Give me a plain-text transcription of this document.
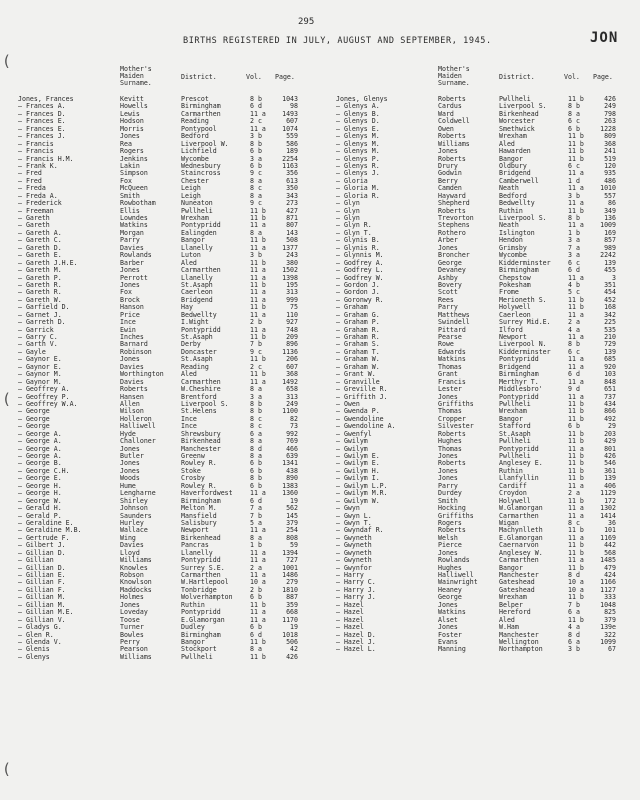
295
BIRTHS REGISTERED IN JULY, AUGUST AND SEPTEMBER, 1945.	JON
(
(
(
Mother's
Maiden
Surname.
District.	Vol. Page.
Jones, Frances	Kevitt	Prescot	8 b	1043
— Frances A.	Howells	Birmingham	6 d	98
— Frances D.	Lewis	Carmarthen	11 a	1493
— Frances E.	Hodson	Reading	2 c	607
— Frances E.	Morris	Pontypool	11 a	1074
— Frances J.	Jones	Bedford	3 b	559
— Francis	Rea	Liverpool W.	8 b	586
— Francis	Rogers	Lichfield	6 b	189
— Francis H.M.	Jenkins	Wycombe	3 a	2254
— Frank K.	Lakin	Wednesbury	6 b	1163
— Fred	Simpson	Staincross	9 c	356
— Fred	Fox	Chester	8 a	613
— Freda	McQueen	Leigh	8 c	350
— Freda A.	Smith	Leigh	8 a	343
— Frederick	Rowbotham	Nuneaton	9 c	273
— Freeman	Ellis	Pwllheli	11 b	427
— Gareth	Lowndes	Wrexham	11 b	871
— Gareth	Watkins	Pontypridd	11 a	807
— Gareth A.	Morgan	Ealingden	8 a	143
— Gareth C.	Parry	Bangor	11 b	508
— Gareth D.	Davies	Llanelly	11 a	1377
— Gareth E.	Rowlands	Luton	3 b	243
— Gareth J.H.E.	Barber	Aled	11 b	380
— Gareth M.	Jones	Carmarthen	11 a	1502
— Gareth P.	Perrott	Llanelly	11 a	1398
— Gareth R.	Jones	St.Asaph	11 b	195
— Gareth R.	Fox	Caerleon	11 a	313
— Gareth W.	Brock	Bridgend	11 a	999
— Garfield D.	Hanson	Hay	11 b	75
— Garnet J.	Price	Bedwellty	11 a	110
— Garreth D.	Ince	I.Wight	2 b	927
— Garrick	Ewin	Pontypridd	11 a	748
— Garry C.	Inches	St.Asaph	11 b	209
— Garth V.	Barnard	Derby	7 b	896
— Gayle	Robinson	Doncaster	9 c	1136
— Gaynor E.	Jones	St.Asaph	11 b	206
— Gaynor E.	Davies	Reading	2 c	607
— Gaynor M.	Worthington	Aled	11 b	368
— Gaynor M.	Davies	Carmarthen	11 a	1492
— Geoffrey A.	Roberts	W.Cheshire	8 a	658
— Geoffrey P.	Hansen	Brentford	3 a	313
— Geoffrey W.A.	Allen	Liverpool S.	8 b	249
— George	Wilson	St.Helens	8 b	1100
— George	Holleron	Ince	8 c	82
— George	Halliwell	Ince	8 c	73
— George A.	Hyde	Shrewsbury	6 a	992
— George A.	Challoner	Birkenhead	8 a	769
— George A.	Jones	Manchester	8 d	466
— George A.	Butler	Greenw	8 a	639
— George B.	Jones	Rowley R.	6 b	1341
— George C.H.	Jones	Stoke	6 b	438
— George E.	Woods	Crosby	8 b	890
— George H.	Hume	Rowley R.	6 b	1383
— George H.	Lengharne	Haverfordwest	11 a	1360
— George W.	Shirley	Birmingham	6 d	19
— Gerald H.	Johnson	Melton M.	7 a	562
— Gerald P.	Saunders	Mansfield	7 b	145
— Geraldine E.	Hurley	Salisbury	5 a	379
— Geraldine M.B.	Wallace	Newport	11 a	254
— Gertrude F.	Wing	Birkenhead	8 a	808
— Gilbert J.	Davies	Pancras	1 b	59
— Gillian D.	Lloyd	Llanelly	11 a	1394
— Gillian	Williams	Pontypridd	11 a	727
— Gillian D.	Knowles	Surrey S.E.	2 a	1001
— Gillian E.	Robson	Carmarthen	11 a	1486
— Gillian F.	Knowlson	W.Hartlepool	10 a	279
— Gillian F.	Maddocks	Tonbridge	2 b	1810
— Gillian M.	Holmes	Wolverhampton	6 b	887
— Gillian M.	Jones	Ruthin	11 b	359
— Gillian M.E.	Loveday	Pontypridd	11 a	668
— Gillian V.	Toose	E.Glamorgan	11 a	1170
— Gladys G.	Turner	Dudley	6 b	19
— Glen R.	Bowles	Birmingham	6 d	1018
— Glenda V.	Perry	Bangor	11 b	506
— Glenis	Pearson	Stockport	8 a	42
— Glenys	Williams	Pwllheli	11 b	426
Mother's
Maiden
Surname.
District.	Vol. Page.
Jones, Glenys	Roberts	Pwllheli	11 b	426
— Glenys A.	Cardus	Liverpool S.	8 b	249
— Glenys B.	Ward	Birkenhead	8 a	798
— Glenys D.	Coldwell	Worcester	6 c	263
— Glenys E.	Owen	Smethwick	6 b	1228
— Glenys M.	Roberts	Wrexham	11 b	809
— Glenys M.	Williams	Aled	11 b	368
— Glenys M.	Jones	Hawarden	11 b	241
— Glenys P.	Roberts	Bangor	11 b	519
— Glenys R.	Drury	Oldbury	6 c	120
— Glenys J.	Godwin	Bridgend	11 a	935
— Gloria	Berry	Camberwell	1 d	486
— Gloria M.	Camden	Neath	11 a	1010
— Gloria R.	Hayward	Bedford	3 b	557
— Glyn	Shepherd	Bedwellty	11 a	86
— Glyn	Roberts	Ruthin	11 b	349
— Glyn	Trevorton	Liverpool S.	8 b	136
— Glyn R.	Stephens	Neath	11 a	1009
— Glyn T.	Rothero	Islington	1 b	169
— Glynis B.	Arber	Hendon	3 a	857
— Glynis R.	Jones	Grimsby	7 a	989
— Glynnis M.	Broncher	Wycombe	3 a	2242
— Godfrey A.	George	Kidderminster	6 c	139
— Godfrey L.	Devaney	Birmingham	6 d	455
— Godfrey W.	Ashby	Chepstow	11 a	3
— Gordon J.	Bovery	Pokesham	4 b	351
— Gordon J.	Scott	Frome	5 c	454
— Goronwy R.	Rees	Merioneth S.	11 b	452
— Graham	Parry	Holywell	11 b	168
— Graham G.	Matthews	Caerleon	11 a	342
— Graham P.	Swindell	Surrey Mid.E.	2 a	225
— Graham R.	Pittard	Ilford	4 a	535
— Graham R.	Pearse	Newport	11 a	210
— Graham S.	Rowe	Liverpool N.	8 b	729
— Graham T.	Edwards	Kidderminster	6 c	139
— Graham W.	Watkins	Pontypridd	11 a	685
— Graham W.	Thomas	Bridgend	11 a	920
— Grant W.	Grant	Birmingham	6 d	103
— Granville	Francis	Merthyr T.	11 a	848
— Greville R.	Lester	Middlesbro'	9 d	651
— Griffith J.	Jones	Pontypridd	11 a	737
— Owen	Griffiths	Pwllheli	11 b	434
— Gwenda P.	Thomas	Wrexham	11 b	866
— Gwendoline	Cropper	Bangor	11 b	492
— Gwendoline A.	Silvester	Stafford	6 b	29
— Gwenfyl	Roberts	St.Asaph	11 b	203
— Gwilym	Hughes	Pwllheli	11 b	429
— Gwilym	Thomas	Pontypridd	11 a	801
— Gwilym E.	Jones	Pwllheli	11 b	426
— Gwilym E.	Roberts	Anglesey E.	11 b	546
— Gwilym H.	Jones	Ruthin	11 b	361
— Gwilym I.	Jones	Llanfyllin	11 b	139
— Gwilym L.P.	Parry	Cardiff	11 a	406
— Gwilym M.R.	Durdey	Croydon	2 a	1129
— Gwilym W.	Smith	Holywell	11 b	172
— Gwyn	Hocking	W.Glamorgan	11 a	1302
— Gwyn L.	Griffiths	Carmarthen	11 a	1414
— Gwyn T.	Rogers	Wigan	8 c	36
— Gwyndaf R.	Roberts	Machynlleth	11 b	101
— Gwyneth	Welsh	E.Glamorgan	11 a	1169
— Gwyneth	Pierce	Caernarvon	11 b	442
— Gwyneth	Jones	Anglesey W.	11 b	568
— Gwyneth	Rowlands	Carmarthen	11 a	1485
— Gwynfor	Hughes	Bangor	11 b	479
— Harry	Halliwell	Manchester	8 d	424
— Harry C.	Wainwright	Gateshead	10 a	1166
— Harry J.	Heaney	Gateshead	10 a	1127
— Harry J.	George	Wrexham	11 b	333
— Hazel	Jones	Belper	7 b	1048
— Hazel	Watkins	Hereford	6 a	825
— Hazel	Alset	Aled	11 b	379
— Hazel	Jones	W.Ham	4 a	139e
— Hazel D.	Foster	Manchester	8 d	322
— Hazel J.	Evans	Wellington	6 a	1099
— Hazel L.	Manning	Northampton	3 b	67
